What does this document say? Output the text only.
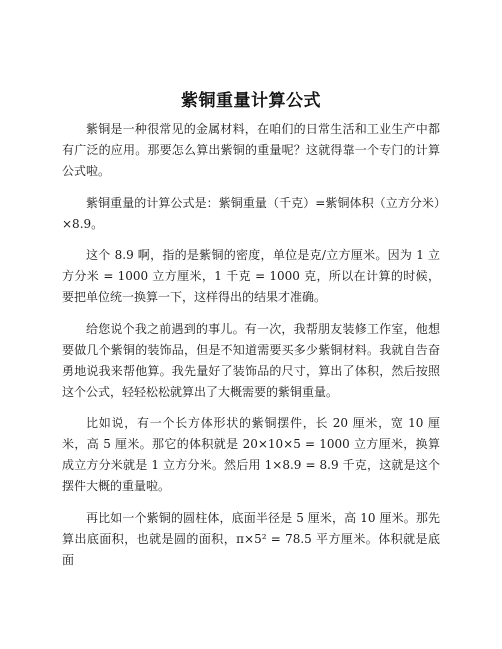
紫铜重量计算公式

紫铜是一种很常见的金属材料，在咱们的日常生活和工业生产中都有广泛的应用。那要怎么算出紫铜的重量呢？这就得靠一个专门的计算公式啦。

紫铜重量的计算公式是：紫铜重量（千克）=紫铜体积（立方分米）×8.9。

这个 8.9 啊，指的是紫铜的密度，单位是克/立方厘米。因为 1 立方分米 = 1000 立方厘米，1 千克 = 1000 克，所以在计算的时候，要把单位统一换算一下，这样得出的结果才准确。

给您说个我之前遇到的事儿。有一次，我帮朋友装修工作室，他想要做几个紫铜的装饰品，但是不知道需要买多少紫铜材料。我就自告奋勇地说我来帮他算。我先量好了装饰品的尺寸，算出了体积，然后按照这个公式，轻轻松松就算出了大概需要的紫铜重量。

比如说，有一个长方体形状的紫铜摆件，长 20 厘米，宽 10 厘米，高 5 厘米。那它的体积就是 20×10×5 = 1000 立方厘米，换算成立方分米就是 1 立方分米。然后用 1×8.9 = 8.9 千克，这就是这个摆件大概的重量啦。

再比如一个紫铜的圆柱体，底面半径是 5 厘米，高 10 厘米。那先算出底面积，也就是圆的面积，π×5² = 78.5 平方厘米。体积就是底面
